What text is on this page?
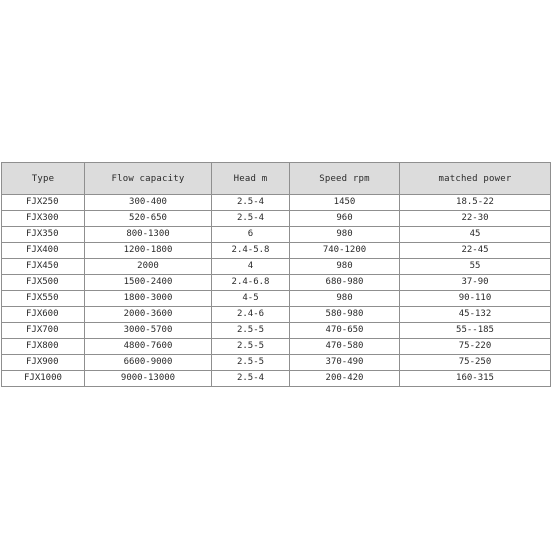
Type	Flow capacity	Head m	Speed rpm	matched power
FJX250	300-400	2.5-4	1450	18.5-22
FJX300	520-650	2.5-4	960	22-30
FJX350	800-1300	6	980	45
FJX400	1200-1800	2.4-5.8	740-1200	22-45
FJX450	2000	4	980	55
FJX500	1500-2400	2.4-6.8	680-980	37-90
FJX550	1800-3000	4-5	980	90-110
FJX600	2000-3600	2.4-6	580-980	45-132
FJX700	3000-5700	2.5-5	470-650	55--185
FJX800	4800-7600	2.5-5	470-580	75-220
FJX900	6600-9000	2.5-5	370-490	75-250
FJX1000	9000-13000	2.5-4	200-420	160-315
